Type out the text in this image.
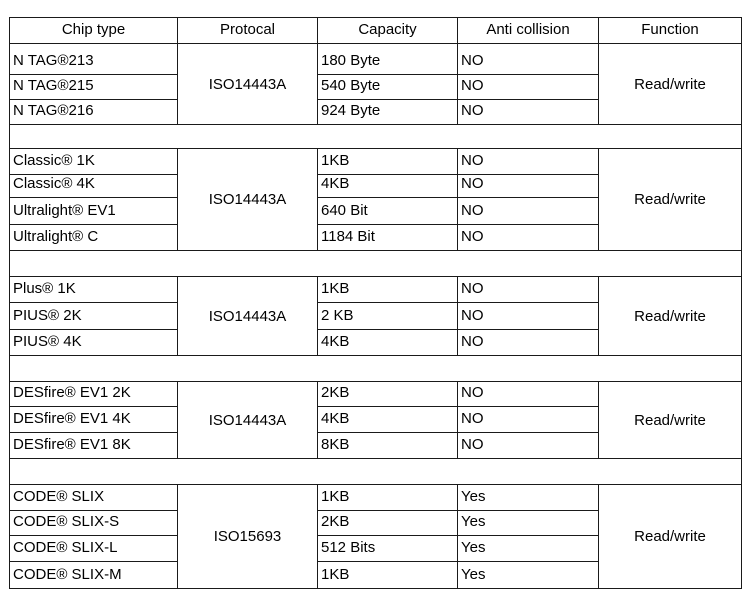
Chip type	Protocal	Capacity	Anti collision	Function
N TAG®213	ISO14443A	180 Byte	NO	Read/write
N TAG®215		540 Byte	NO	
N TAG®216		924 Byte	NO	

Classic® 1K	ISO14443A	1KB	NO	Read/write
Classic® 4K		4KB	NO	
Ultralight® EV1		640 Bit	NO	
Ultralight® C		1184 Bit	NO	

Plus® 1K	ISO14443A	1KB	NO	Read/write
PIUS® 2K		2 KB	NO	
PIUS® 4K		4KB	NO	

DESfire® EV1 2K	ISO14443A	2KB	NO	Read/write
DESfire® EV1 4K		4KB	NO	
DESfire® EV1 8K		8KB	NO	

CODE® SLIX	ISO15693	1KB	Yes	Read/write
CODE® SLIX-S		2KB	Yes	
CODE® SLIX-L		512 Bits	Yes	
CODE® SLIX-M		1KB	Yes	
